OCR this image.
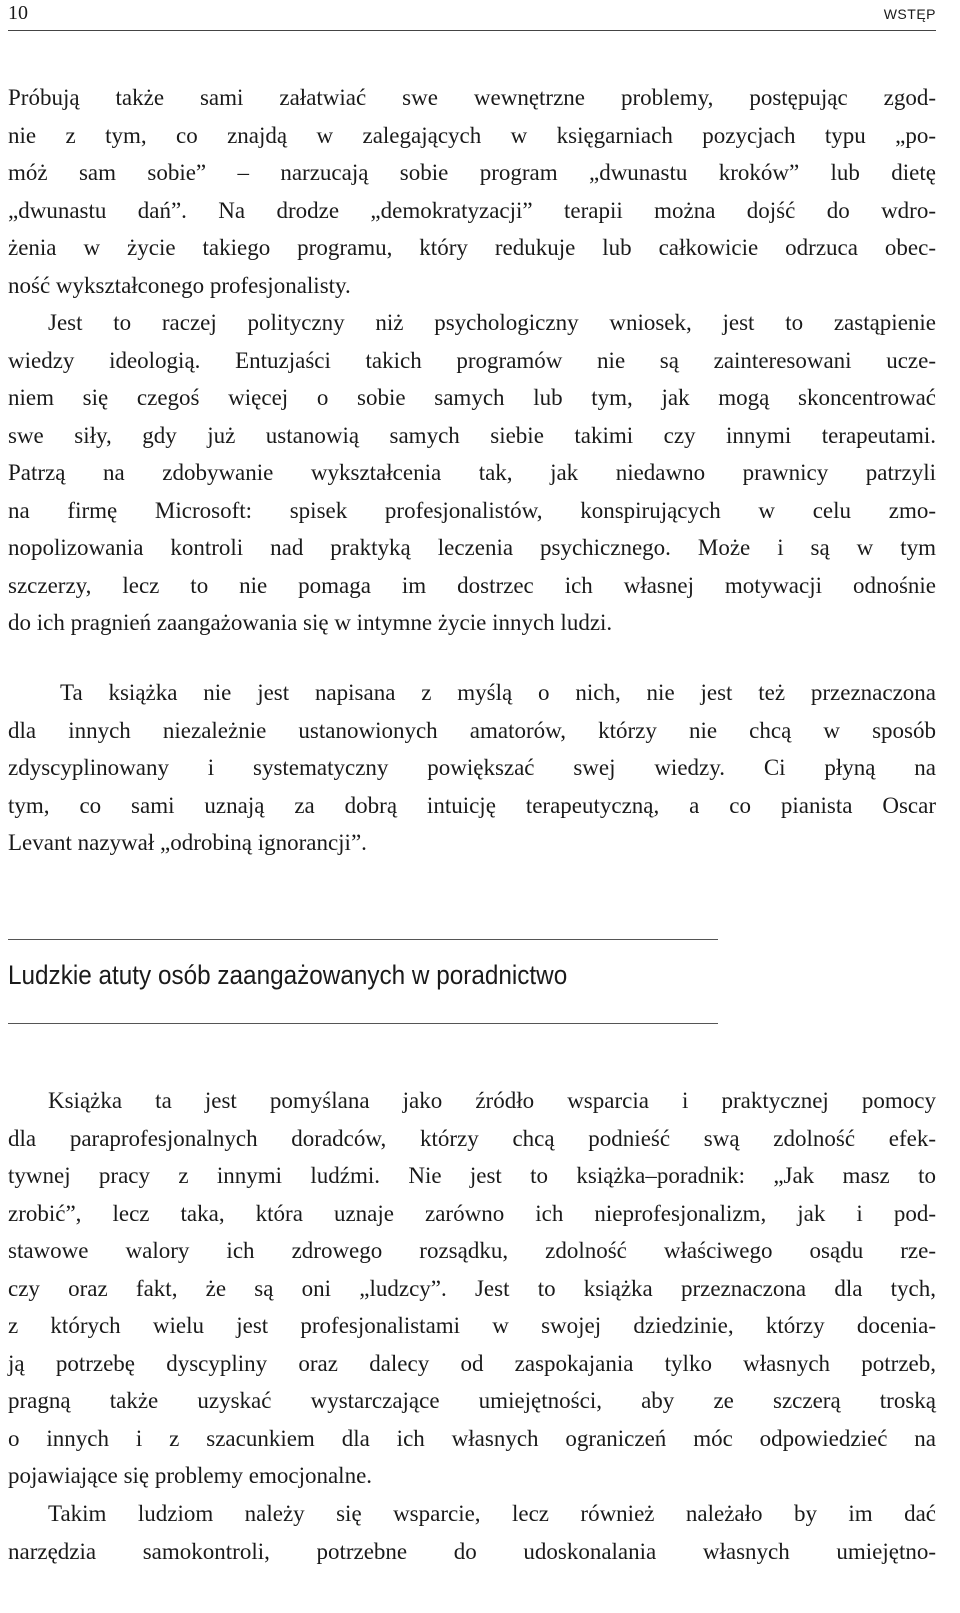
10	WSTĘP
Próbują także sami załatwiać swe wewnętrzne problemy, postępując zgod-
nie z tym, co znajdą w zalegających w księgarniach pozycjach typu „po-
móż sam sobie” – narzucają sobie program „dwunastu kroków” lub dietę
„dwunastu dań”. Na drodze „demokratyzacji” terapii można dojść do wdro-
żenia w życie takiego programu, który redukuje lub całkowicie odrzuca obec-
ność wykształconego profesjonalisty.
Jest to raczej polityczny niż psychologiczny wniosek, jest to zastąpienie
wiedzy ideologią. Entuzjaści takich programów nie są zainteresowani ucze-
niem się czegoś więcej o sobie samych lub tym, jak mogą skoncentrować
swe siły, gdy już ustanowią samych siebie takimi czy innymi terapeutami.
Patrzą na zdobywanie wykształcenia tak, jak niedawno prawnicy patrzyli
na firmę Microsoft: spisek profesjonalistów, konspirujących w celu zmo-
nopolizowania kontroli nad praktyką leczenia psychicznego. Może i są w tym
szczerzy, lecz to nie pomaga im dostrzec ich własnej motywacji odnośnie
do ich pragnień zaangażowania się w intymne życie innych ludzi.
Ta książka nie jest napisana z myślą o nich, nie jest też przeznaczona
dla innych niezależnie ustanowionych amatorów, którzy nie chcą w sposób
zdyscyplinowany i systematyczny powiększać swej wiedzy. Ci płyną na
tym, co sami uznają za dobrą intuicję terapeutyczną, a co pianista Oscar
Levant nazywał „odrobiną ignorancji”.
Ludzkie atuty osób zaangażowanych w poradnictwo
Książka ta jest pomyślana jako źródło wsparcia i praktycznej pomocy
dla paraprofesjonalnych doradców, którzy chcą podnieść swą zdolność efek-
tywnej pracy z innymi ludźmi. Nie jest to książka–poradnik: „Jak masz to
zrobić”, lecz taka, która uznaje zarówno ich nieprofesjonalizm, jak i pod-
stawowe walory ich zdrowego rozsądku, zdolność właściwego osądu rze-
czy oraz fakt, że są oni „ludzcy”. Jest to książka przeznaczona dla tych,
z których wielu jest profesjonalistami w swojej dziedzinie, którzy docenia-
ją potrzebę dyscypliny oraz dalecy od zaspokajania tylko własnych potrzeb,
pragną także uzyskać wystarczające umiejętności, aby ze szczerą troską
o innych i z szacunkiem dla ich własnych ograniczeń móc odpowiedzieć na
pojawiające się problemy emocjonalne.
Takim ludziom należy się wsparcie, lecz również należało by im dać
narzędzia samokontroli, potrzebne do udoskonalania własnych umiejętno-
